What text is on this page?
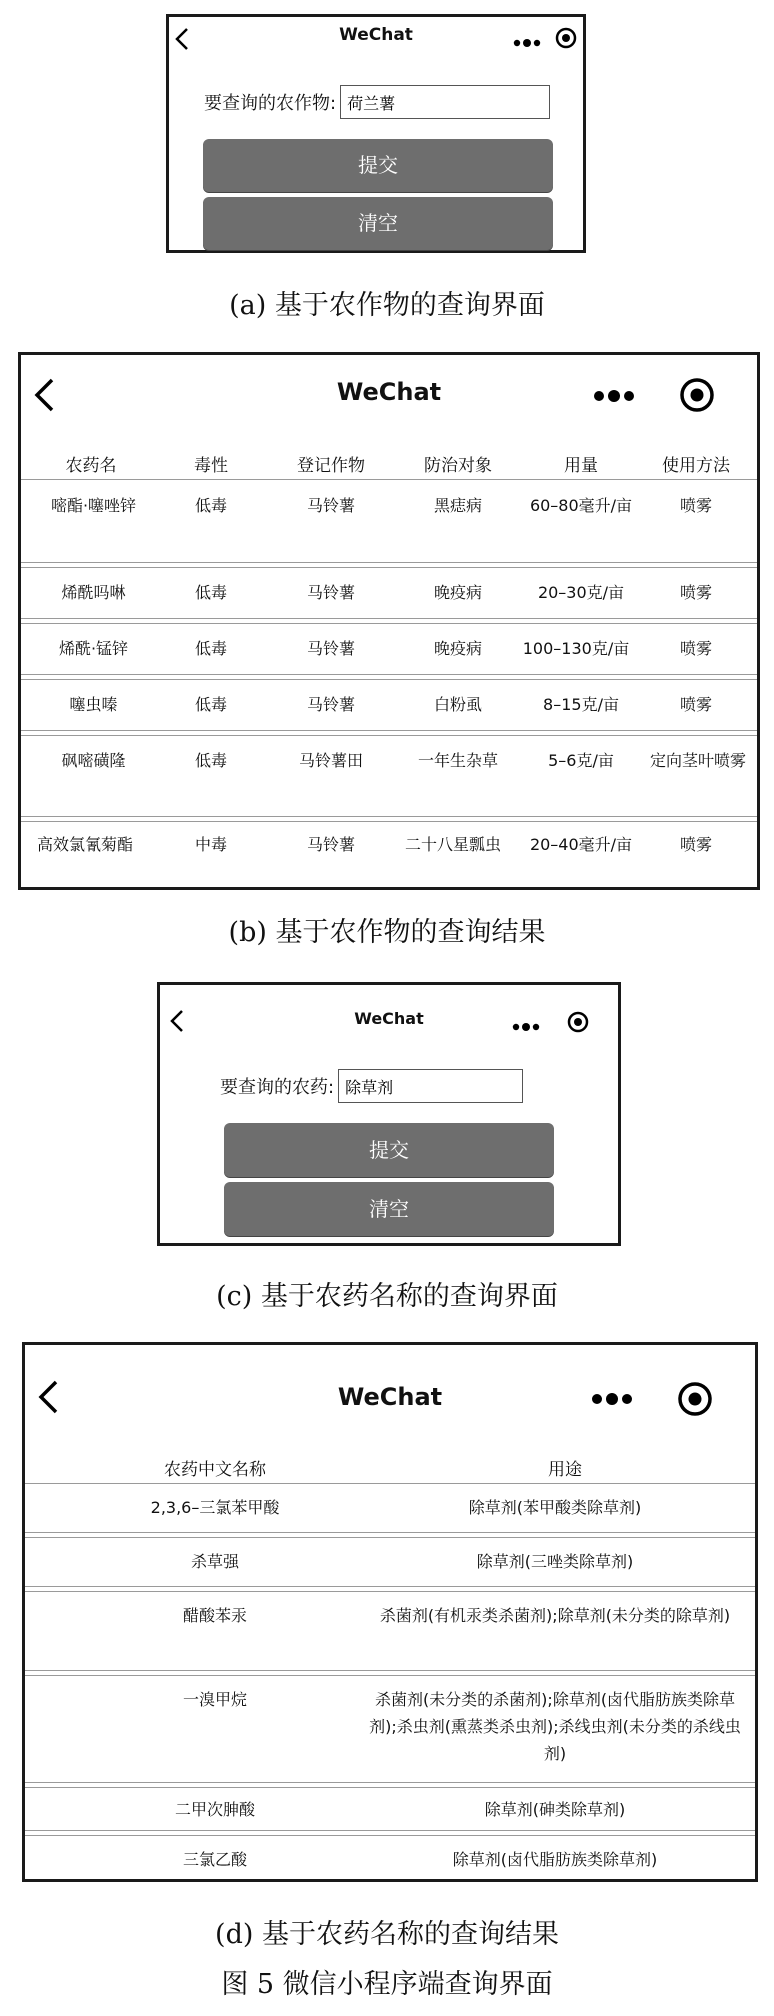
WeChat
要查询的农作物:
荷兰薯
提交
清空
(a) 基于农作物的查询界面
WeChat
农药名	毒性	登记作物	防治对象	用量	使用方法
嘧酯·噻唑锌	低毒	马铃薯	黑痣病	60–80毫升/亩	喷雾
烯酰吗啉	低毒	马铃薯	晚疫病	20–30克/亩	喷雾
烯酰·锰锌	低毒	马铃薯	晚疫病	100–130克/亩	喷雾
噻虫嗪	低毒	马铃薯	白粉虱	8–15克/亩	喷雾
砜嘧磺隆	低毒	马铃薯田	一年生杂草	5–6克/亩	定向茎叶喷雾
高效氯氰菊酯	中毒	马铃薯	二十八星瓢虫	20–40毫升/亩	喷雾
(b) 基于农作物的查询结果
WeChat
要查询的农药:
除草剂
提交
清空
(c) 基于农药名称的查询界面
WeChat
农药中文名称	用途
2,3,6–三氯苯甲酸	除草剂(苯甲酸类除草剂)
杀草强	除草剂(三唑类除草剂)
醋酸苯汞	杀菌剂(有机汞类杀菌剂);除草剂(未分类的除草剂)
一溴甲烷	杀菌剂(未分类的杀菌剂);除草剂(卤代脂肪族类除草剂);杀虫剂(熏蒸类杀虫剂);杀线虫剂(未分类的杀线虫剂)
二甲次胂酸	除草剂(砷类除草剂)
三氯乙酸	除草剂(卤代脂肪族类除草剂)
(d) 基于农药名称的查询结果
图 5 微信小程序端查询界面
